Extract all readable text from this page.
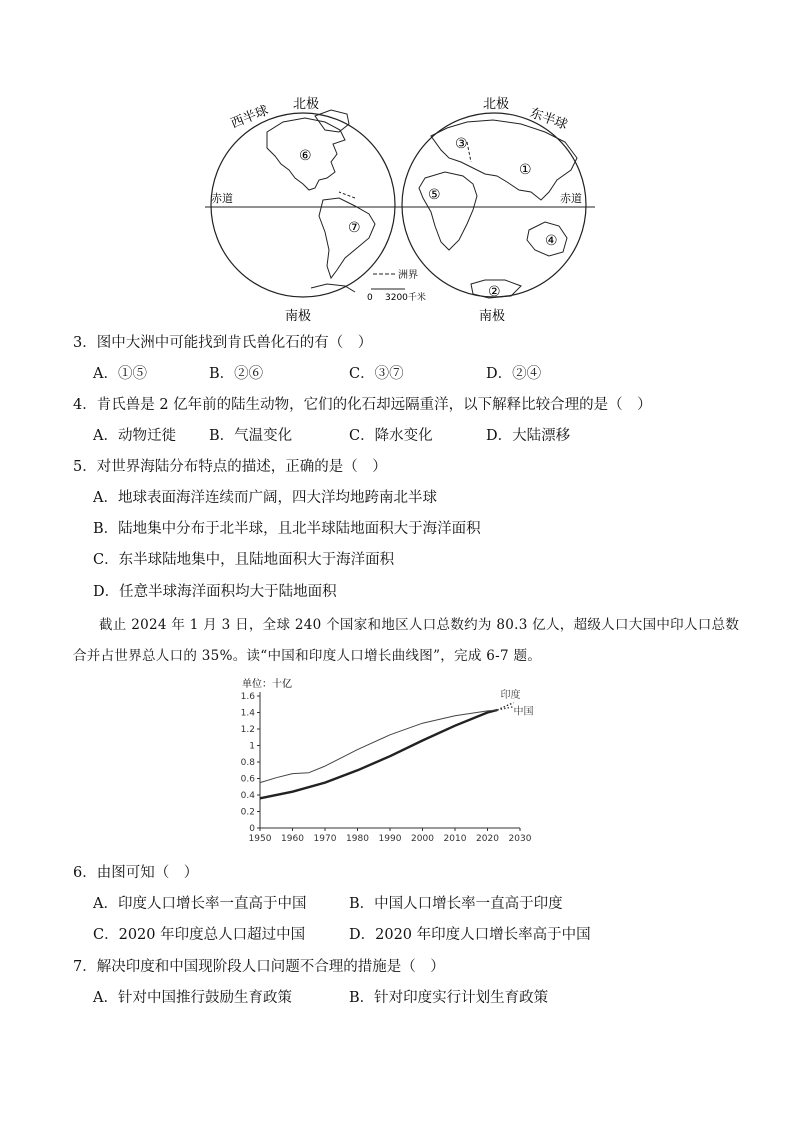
洲界
0 3200千米
西半球 北极	北极
东半球
赤道	赤道
南极	南极
①
②
③
④
⑤
⑥
⑦
3．图中大洲中可能找到肯氏兽化石的有（　）
A．①⑤	B．②⑥	C．③⑦	D．②④
4．肯氏兽是 2 亿年前的陆生动物，它们的化石却远隔重洋，以下解释比较合理的是（　）
A．动物迁徙 B．气温变化	C．降水变化	D．大陆漂移
5．对世界海陆分布特点的描述，正确的是（　）
A．地球表面海洋连续而广阔，四大洋均地跨南北半球
B．陆地集中分布于北半球，且北半球陆地面积大于海洋面积
C．东半球陆地集中，且陆地面积大于海洋面积
D．任意半球海洋面积均大于陆地面积
截止 2024 年 1 月 3 日，全球 240 个国家和地区人口总数约为 80.3 亿人，超级人口大国中印人口总数
合并占世界总人口的 35%。读“中国和印度人口增长曲线图”，完成 6-7 题。
单位：十亿
0
0.2
0.4
0.6
0.8
1
1.2
1.4
1.6
1950 1960 1970 1980 1990 2000 2010 2020 2030
印度
中国
6．由图可知（　）
A．印度人口增长率一直高于中国	B．中国人口增长率一直高于印度
C．2020 年印度总人口超过中国	D．2020 年印度人口增长率高于中国
7．解决印度和中国现阶段人口问题不合理的措施是（　）
A．针对中国推行鼓励生育政策	B．针对印度实行计划生育政策
